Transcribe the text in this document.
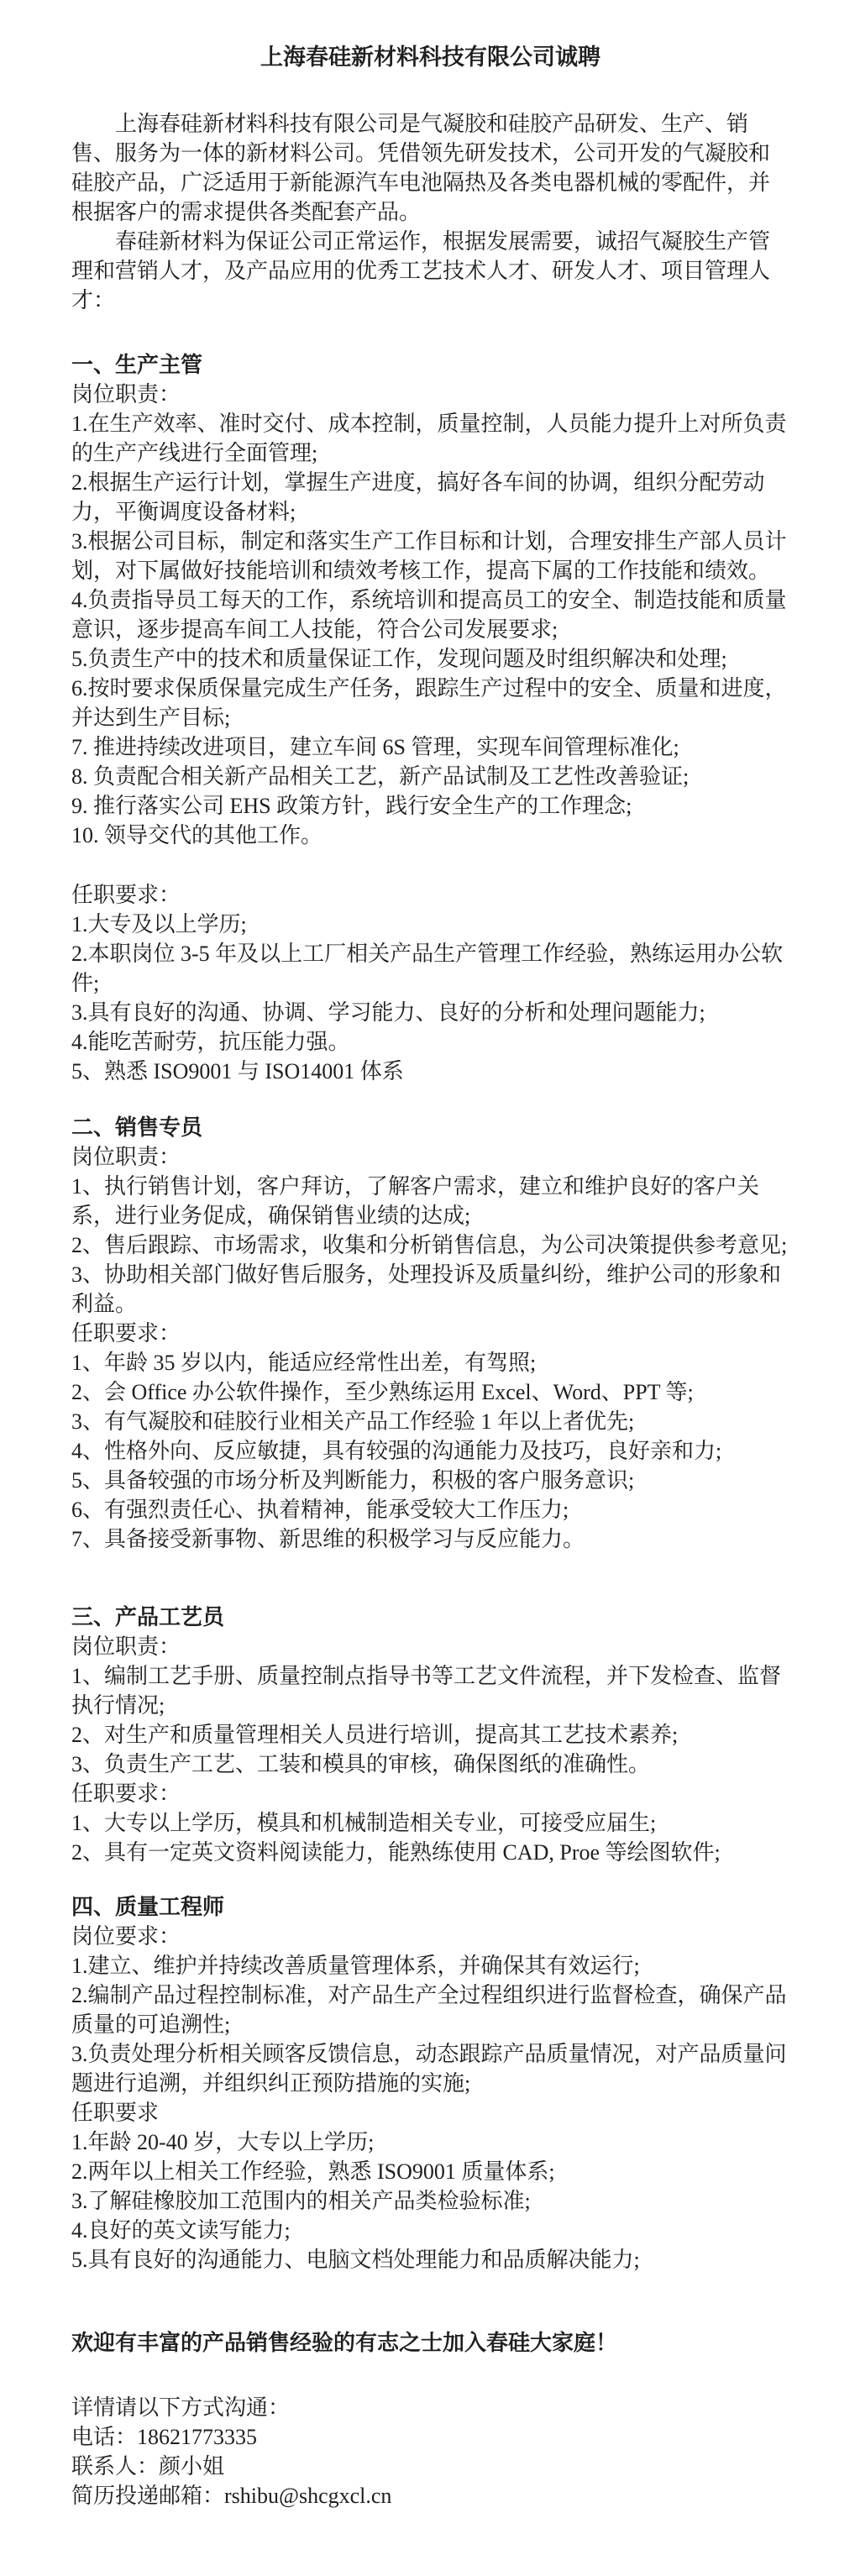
上海春硅新材料科技有限公司诚聘

上海春硅新材料科技有限公司是气凝胶和硅胶产品研发、生产、销售、服务为一体的新材料公司。凭借领先研发技术，公司开发的气凝胶和硅胶产品，广泛适用于新能源汽车电池隔热及各类电器机械的零配件，并根据客户的需求提供各类配套产品。

春硅新材料为保证公司正常运作，根据发展需要，诚招气凝胶生产管理和营销人才，及产品应用的优秀工艺技术人才、研发人才、项目管理人才：

一、生产主管

岗位职责：

1.在生产效率、准时交付、成本控制，质量控制，人员能力提升上对所负责的生产产线进行全面管理;

2.根据生产运行计划，掌握生产进度，搞好各车间的协调，组织分配劳动力，平衡调度设备材料;

3.根据公司目标，制定和落实生产工作目标和计划，合理安排生产部人员计划，对下属做好技能培训和绩效考核工作，提高下属的工作技能和绩效。

4.负责指导员工每天的工作，系统培训和提高员工的安全、制造技能和质量意识，逐步提高车间工人技能，符合公司发展要求;

5.负责生产中的技术和质量保证工作，发现问题及时组织解决和处理;

6.按时要求保质保量完成生产任务，跟踪生产过程中的安全、质量和进度，并达到生产目标;

7. 推进持续改进项目，建立车间 6S 管理，实现车间管理标准化;

8. 负责配合相关新产品相关工艺，新产品试制及工艺性改善验证;

9. 推行落实公司 EHS 政策方针，践行安全生产的工作理念;

10. 领导交代的其他工作。

任职要求：

1.大专及以上学历;

2.本职岗位 3-5 年及以上工厂相关产品生产管理工作经验，熟练运用办公软件;

3.具有良好的沟通、协调、学习能力、良好的分析和处理问题能力;

4.能吃苦耐劳，抗压能力强。

5、熟悉 ISO9001 与 ISO14001 体系

二、销售专员

岗位职责：

1、执行销售计划，客户拜访，了解客户需求，建立和维护良好的客户关系，进行业务促成，确保销售业绩的达成;

2、售后跟踪、市场需求，收集和分析销售信息，为公司决策提供参考意见;

3、协助相关部门做好售后服务，处理投诉及质量纠纷，维护公司的形象和利益。

任职要求：

1、年龄 35 岁以内，能适应经常性出差，有驾照;

2、会 Office 办公软件操作，至少熟练运用 Excel、Word、PPT 等;

3、有气凝胶和硅胶行业相关产品工作经验 1 年以上者优先;

4、性格外向、反应敏捷，具有较强的沟通能力及技巧，良好亲和力;

5、具备较强的市场分析及判断能力，积极的客户服务意识;

6、有强烈责任心、执着精神，能承受较大工作压力;

7、具备接受新事物、新思维的积极学习与反应能力。

三、产品工艺员

岗位职责：

1、编制工艺手册、质量控制点指导书等工艺文件流程，并下发检查、监督执行情况;

2、对生产和质量管理相关人员进行培训，提高其工艺技术素养;

3、负责生产工艺、工装和模具的审核，确保图纸的准确性。

任职要求：

1、大专以上学历，模具和机械制造相关专业，可接受应届生;

2、具有一定英文资料阅读能力，能熟练使用 CAD, Proe 等绘图软件;

四、质量工程师

岗位要求：

1.建立、维护并持续改善质量管理体系，并确保其有效运行;

2.编制产品过程控制标准，对产品生产全过程组织进行监督检查，确保产品质量的可追溯性;

3.负责处理分析相关顾客反馈信息，动态跟踪产品质量情况，对产品质量问题进行追溯，并组织纠正预防措施的实施;

任职要求

1.年龄 20-40 岁，大专以上学历;

2.两年以上相关工作经验，熟悉 ISO9001 质量体系;

3.了解硅橡胶加工范围内的相关产品类检验标准;

4.良好的英文读写能力;

5.具有良好的沟通能力、电脑文档处理能力和品质解决能力;

欢迎有丰富的产品销售经验的有志之士加入春硅大家庭！

详情请以下方式沟通：

电话：18621773335

联系人：颜小姐

简历投递邮箱：rshibu@shcgxcl.cn
